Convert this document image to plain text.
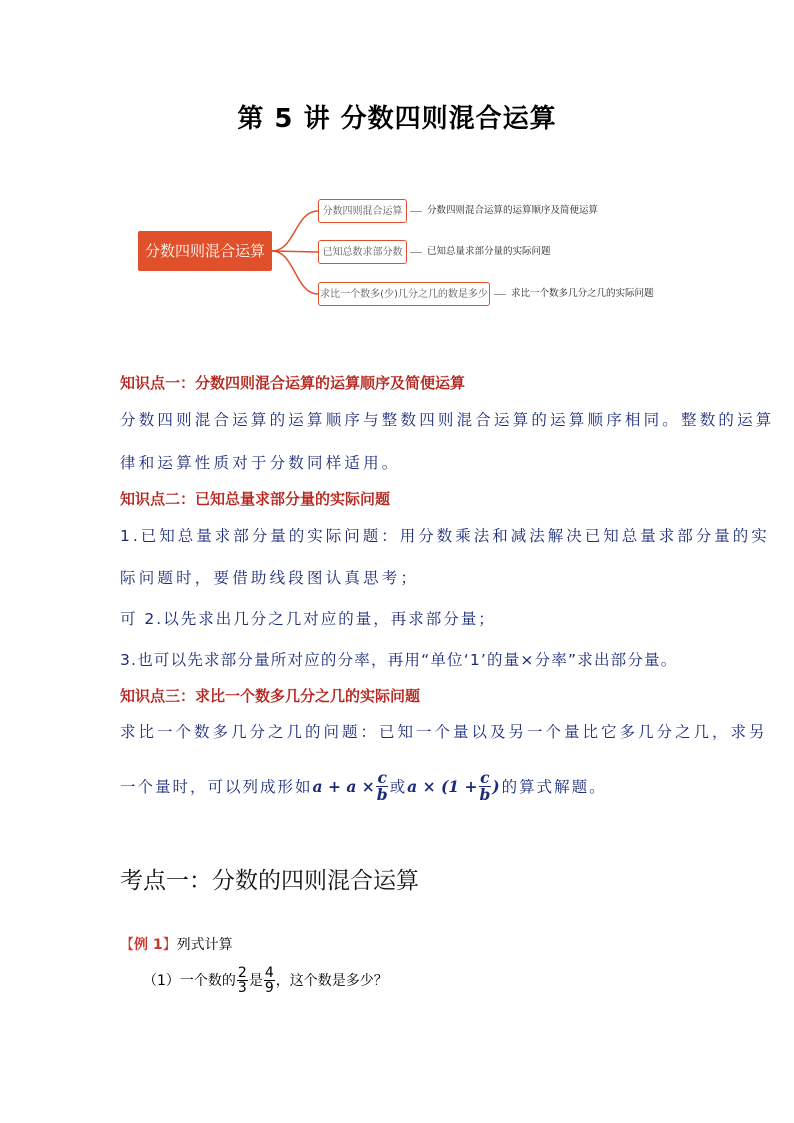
第 5 讲 分数四则混合运算
分数四则混合运算
分数四则混合运算	分数四则混合运算的运算顺序及简便运算
已知总数求部分数	已知总量求部分量的实际问题
求比一个数多(少)几分之几的数是多少 求比一个数多几分之几的实际问题
知识点一：分数四则混合运算的运算顺序及简便运算
分数四则混合运算的运算顺序与整数四则混合运算的运算顺序相同。整数的运算
律和运算性质对于分数同样适用。
知识点二：已知总量求部分量的实际问题
1.已知总量求部分量的实际问题：用分数乘法和减法解决已知总量求部分量的实
际问题时，要借助线段图认真思考；
可 2.以先求出几分之几对应的量，再求部分量；
3.也可以先求部分量所对应的分率，再用“单位‘1’的量×分率”求出部分量。
知识点三：求比一个数多几分之几的实际问题
求比一个数多几分之几的问题：已知一个量以及另一个量比它多几分之几，求另
一个量时，可以列成形如 $a + a \times \frac{c}{b}$ 或 $a \times (1 + \frac{c}{b}$ ) 的算式解题。
考点一：分数的四则混合运算
【例 1】列式计算
（1）一个数的 $\frac{2}{3}$ 是 $\frac{4}{9}$ ，这个数是多少？
